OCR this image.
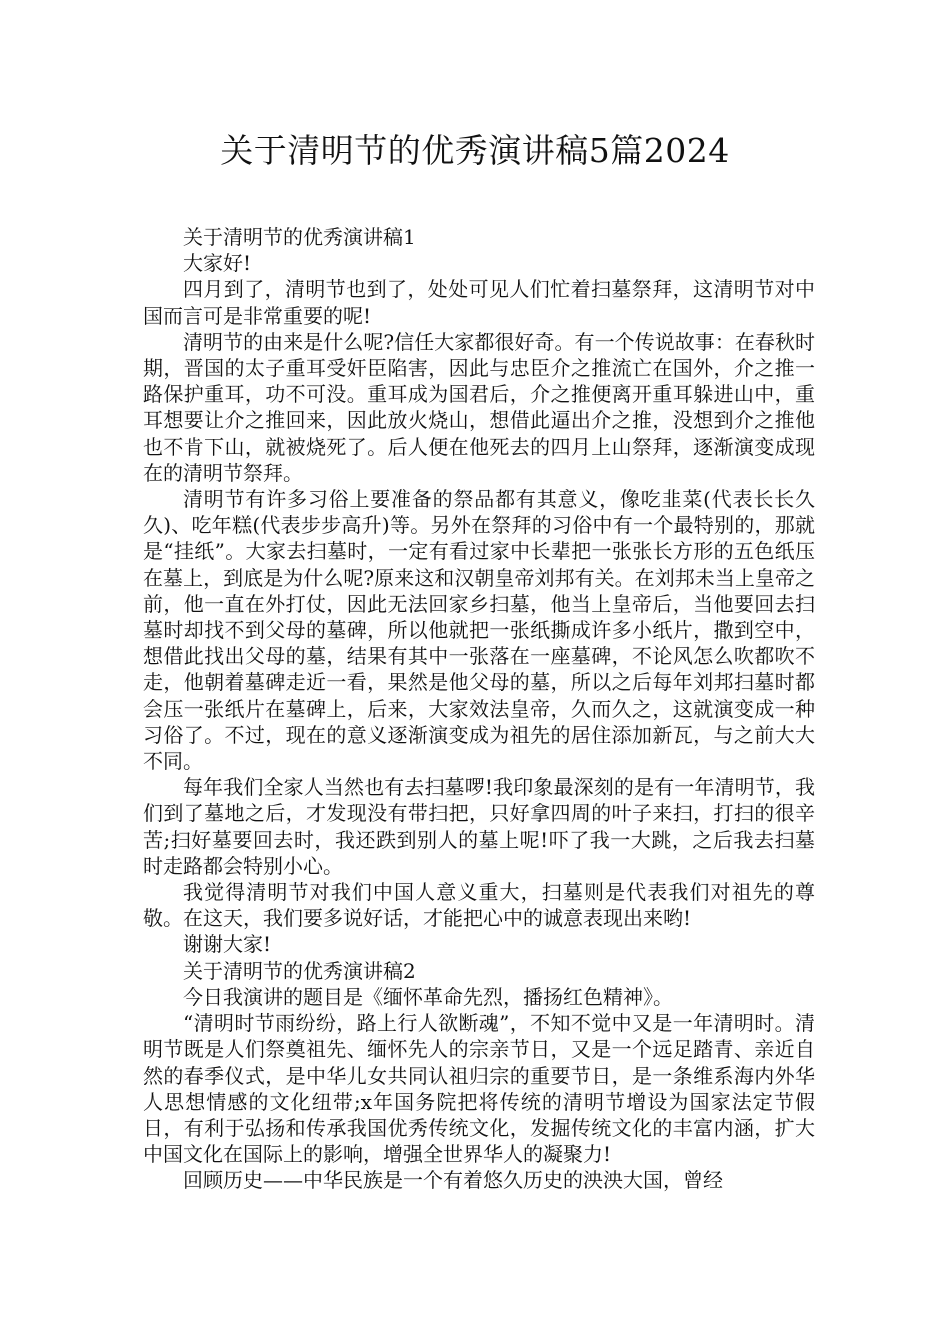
关于清明节的优秀演讲稿5篇2024

关于清明节的优秀演讲稿1

大家好!

四月到了，清明节也到了，处处可见人们忙着扫墓祭拜，这清明节对中国而言可是非常重要的呢!

清明节的由来是什么呢?信任大家都很好奇。有一个传说故事：在春秋时期，晋国的太子重耳受奸臣陷害，因此与忠臣介之推流亡在国外，介之推一路保护重耳，功不可没。重耳成为国君后，介之推便离开重耳躲进山中，重耳想要让介之推回来，因此放火烧山，想借此逼出介之推，没想到介之推他也不肯下山，就被烧死了。后人便在他死去的四月上山祭拜，逐渐演变成现在的清明节祭拜。

清明节有许多习俗上要准备的祭品都有其意义，像吃韭菜(代表长长久久)、吃年糕(代表步步高升)等。另外在祭拜的习俗中有一个最特别的，那就是“挂纸”。大家去扫墓时，一定有看过家中长辈把一张张长方形的五色纸压在墓上，到底是为什么呢?原来这和汉朝皇帝刘邦有关。在刘邦未当上皇帝之前，他一直在外打仗，因此无法回家乡扫墓，他当上皇帝后，当他要回去扫墓时却找不到父母的墓碑，所以他就把一张纸撕成许多小纸片，撒到空中，想借此找出父母的墓，结果有其中一张落在一座墓碑，不论风怎么吹都吹不走，他朝着墓碑走近一看，果然是他父母的墓，所以之后每年刘邦扫墓时都会压一张纸片在墓碑上，后来，大家效法皇帝，久而久之，这就演变成一种习俗了。不过，现在的意义逐渐演变成为祖先的居住添加新瓦，与之前大大不同。

每年我们全家人当然也有去扫墓啰!我印象最深刻的是有一年清明节，我们到了墓地之后，才发现没有带扫把，只好拿四周的叶子来扫，打扫的很辛苦;扫好墓要回去时，我还跌到别人的墓上呢!吓了我一大跳，之后我去扫墓时走路都会特别小心。

我觉得清明节对我们中国人意义重大，扫墓则是代表我们对祖先的尊敬。在这天，我们要多说好话，才能把心中的诚意表现出来哟!

谢谢大家!

关于清明节的优秀演讲稿2

今日我演讲的题目是《缅怀革命先烈，播扬红色精神》。

“清明时节雨纷纷，路上行人欲断魂”，不知不觉中又是一年清明时。清明节既是人们祭奠祖先、缅怀先人的宗亲节日，又是一个远足踏青、亲近自然的春季仪式，是中华儿女共同认祖归宗的重要节日，是一条维系海内外华人思想情感的文化纽带;x年国务院把将传统的清明节增设为国家法定节假日，有利于弘扬和传承我国优秀传统文化，发掘传统文化的丰富内涵，扩大中国文化在国际上的影响，增强全世界华人的凝聚力!

回顾历史——中华民族是一个有着悠久历史的泱泱大国，曾经
